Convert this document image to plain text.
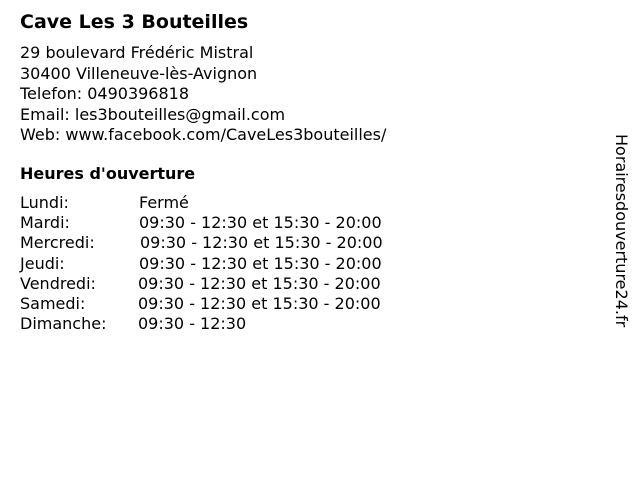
Cave Les 3 Bouteilles
29 boulevard Frédéric Mistral
30400 Villeneuve-lès-Avignon
Telefon: 0490396818
Email: les3bouteilles@gmail.com
Web: www.facebook.com/CaveLes3bouteilles/
Heures d'ouverture
Lundi:	Fermé
Mardi:	09:30 - 12:30 et 15:30 - 20:00
Mercredi:	09:30 - 12:30 et 15:30 - 20:00
Jeudi:	09:30 - 12:30 et 15:30 - 20:00
Vendredi:	09:30 - 12:30 et 15:30 - 20:00
Samedi:	09:30 - 12:30 et 15:30 - 20:00
Dimanche: 09:30 - 12:30	Horairesdouverture24.fr
